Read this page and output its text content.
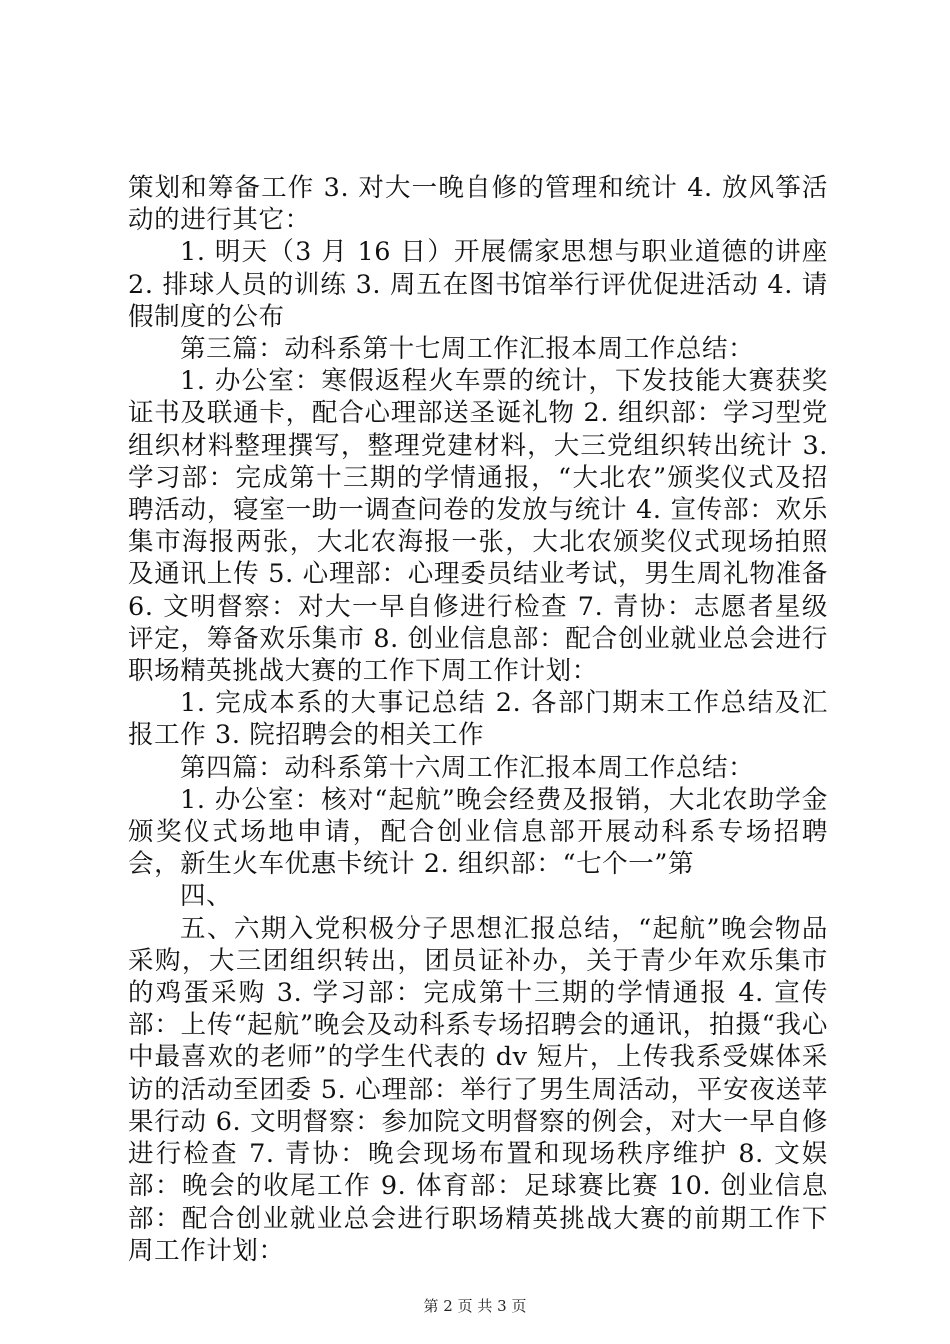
策划和筹备工作 3. 对大一晚自修的管理和统计 4. 放风筝活动的进行其它：

1. 明天（3 月 16 日）开展儒家思想与职业道德的讲座 2. 排球人员的训练 3. 周五在图书馆举行评优促进活动 4. 请假制度的公布

第三篇：动科系第十七周工作汇报本周工作总结：

1. 办公室：寒假返程火车票的统计，下发技能大赛获奖证书及联通卡，配合心理部送圣诞礼物 2. 组织部：学习型党组织材料整理撰写，整理党建材料，大三党组织转出统计 3. 学习部：完成第十三期的学情通报，“大北农”颁奖仪式及招聘活动，寝室一助一调查问卷的发放与统计 4. 宣传部：欢乐集市海报两张，大北农海报一张，大北农颁奖仪式现场拍照及通讯上传 5. 心理部：心理委员结业考试，男生周礼物准备 6. 文明督察：对大一早自修进行检查 7. 青协：志愿者星级评定，筹备欢乐集市 8. 创业信息部：配合创业就业总会进行职场精英挑战大赛的工作下周工作计划：

1. 完成本系的大事记总结 2. 各部门期末工作总结及汇报工作 3. 院招聘会的相关工作

第四篇：动科系第十六周工作汇报本周工作总结：

1. 办公室：核对“起航”晚会经费及报销，大北农助学金颁奖仪式场地申请，配合创业信息部开展动科系专场招聘会，新生火车优惠卡统计 2. 组织部：“七个一”第

四、

五、六期入党积极分子思想汇报总结，“起航”晚会物品采购，大三团组织转出，团员证补办，关于青少年欢乐集市的鸡蛋采购 3. 学习部：完成第十三期的学情通报 4. 宣传部：上传“起航”晚会及动科系专场招聘会的通讯，拍摄“我心中最喜欢的老师”的学生代表的 dv 短片，上传我系受媒体采访的活动至团委 5. 心理部：举行了男生周活动，平安夜送苹果行动 6. 文明督察：参加院文明督察的例会，对大一早自修进行检查 7. 青协：晚会现场布置和现场秩序维护 8. 文娱部：晚会的收尾工作 9. 体育部：足球赛比赛 10. 创业信息部：配合创业就业总会进行职场精英挑战大赛的前期工作下周工作计划：

第 2 页 共 3 页
